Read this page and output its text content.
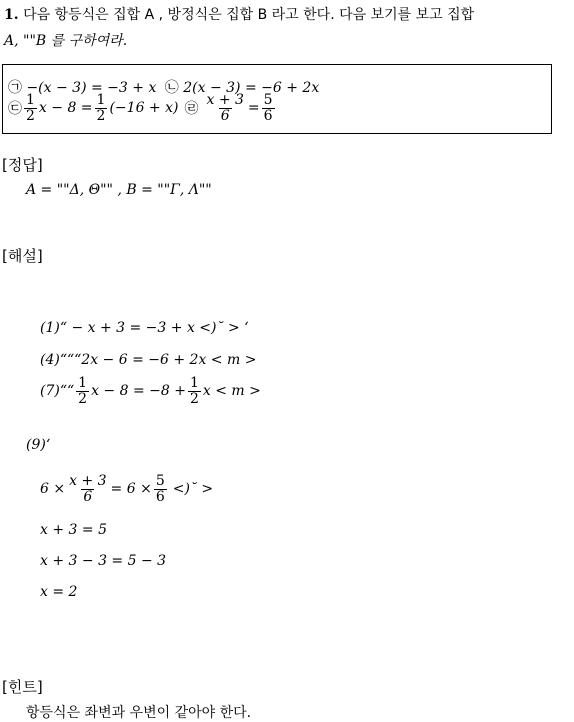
1. 다음 항등식은 집합 A , 방정식은 집합 B 라고 한다. 다음 보기를 보고 집합
A, ""B 를 구하여라.
㉠ −(x − 3) = −3 + x ㉡ 2(x − 3) = −6 + 2x
㉢ $\frac{1}{2}$ $x - 8 = \frac{1}{2} (-16 + x)$ ㉣ $\frac{x + 3}{6} = \frac{5}{6}$
[정답]
A = ""Δ, Θ"" , B = ""Γ, Λ""
[해설]
(1)“ − x + 3 = −3 + x <)˘ > ‘
(4)“““2x − 6 = −6 + 2x < m >
(7)““ $\frac{1}{2}$ $x - 8 = -8 + \frac{1}{2}$ x < m >
(9)‘
$6 \times \frac{x + 3}{6} = 6 \times \frac{5}{6}$ <)˘ >
x + 3 = 5
x + 3 − 3 = 5 − 3
x = 2
[힌트]
항등식은 좌변과 우변이 같아야 한다.
